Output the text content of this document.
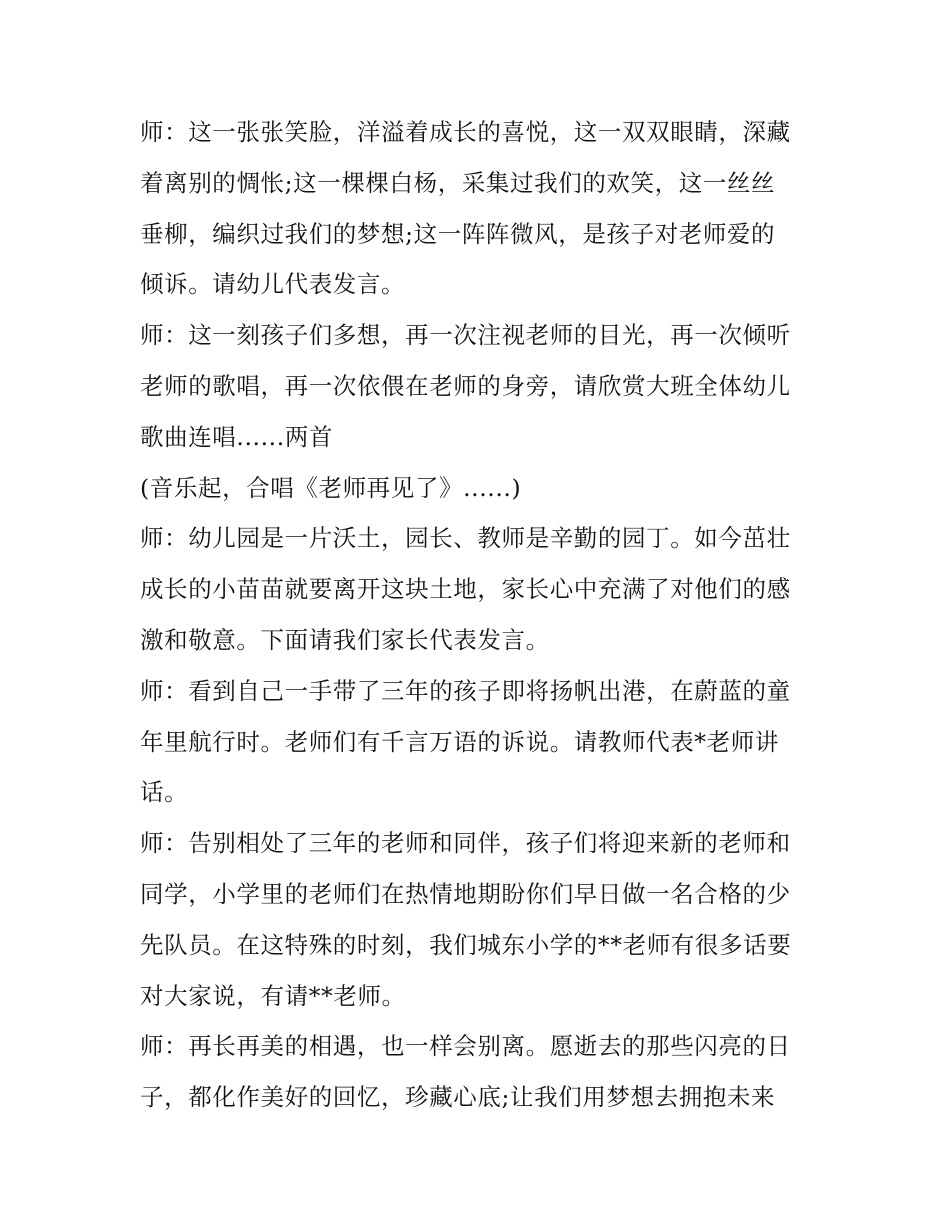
师：这一张张笑脸，洋溢着成长的喜悦，这一双双眼睛，深藏
着离别的惆怅;这一棵棵白杨，采集过我们的欢笑，这一丝丝
垂柳，编织过我们的梦想;这一阵阵微风，是孩子对老师爱的
倾诉。请幼儿代表发言。
师：这一刻孩子们多想，再一次注视老师的目光，再一次倾听
老师的歌唱，再一次依偎在老师的身旁，请欣赏大班全体幼儿
歌曲连唱......两首
(音乐起，合唱《老师再见了》......)
师：幼儿园是一片沃土，园长、教师是辛勤的园丁。如今茁壮
成长的小苗苗就要离开这块土地，家长心中充满了对他们的感
激和敬意。下面请我们家长代表发言。
师：看到自己一手带了三年的孩子即将扬帆出港，在蔚蓝的童
年里航行时。老师们有千言万语的诉说。请教师代表*老师讲
话。
师：告别相处了三年的老师和同伴，孩子们将迎来新的老师和
同学，小学里的老师们在热情地期盼你们早日做一名合格的少
先队员。在这特殊的时刻，我们城东小学的**老师有很多话要
对大家说，有请**老师。
师：再长再美的相遇，也一样会别离。愿逝去的那些闪亮的日
子，都化作美好的回忆，珍藏心底;让我们用梦想去拥抱未来
